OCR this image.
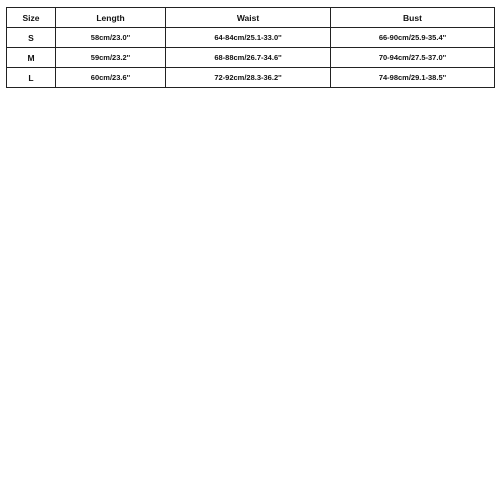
Size	Length	Waist	Bust
S	58cm/23.0''	64-84cm/25.1-33.0''	66-90cm/25.9-35.4''
M	59cm/23.2''	68-88cm/26.7-34.6''	70-94cm/27.5-37.0''
L	60cm/23.6''	72-92cm/28.3-36.2''	74-98cm/29.1-38.5''
